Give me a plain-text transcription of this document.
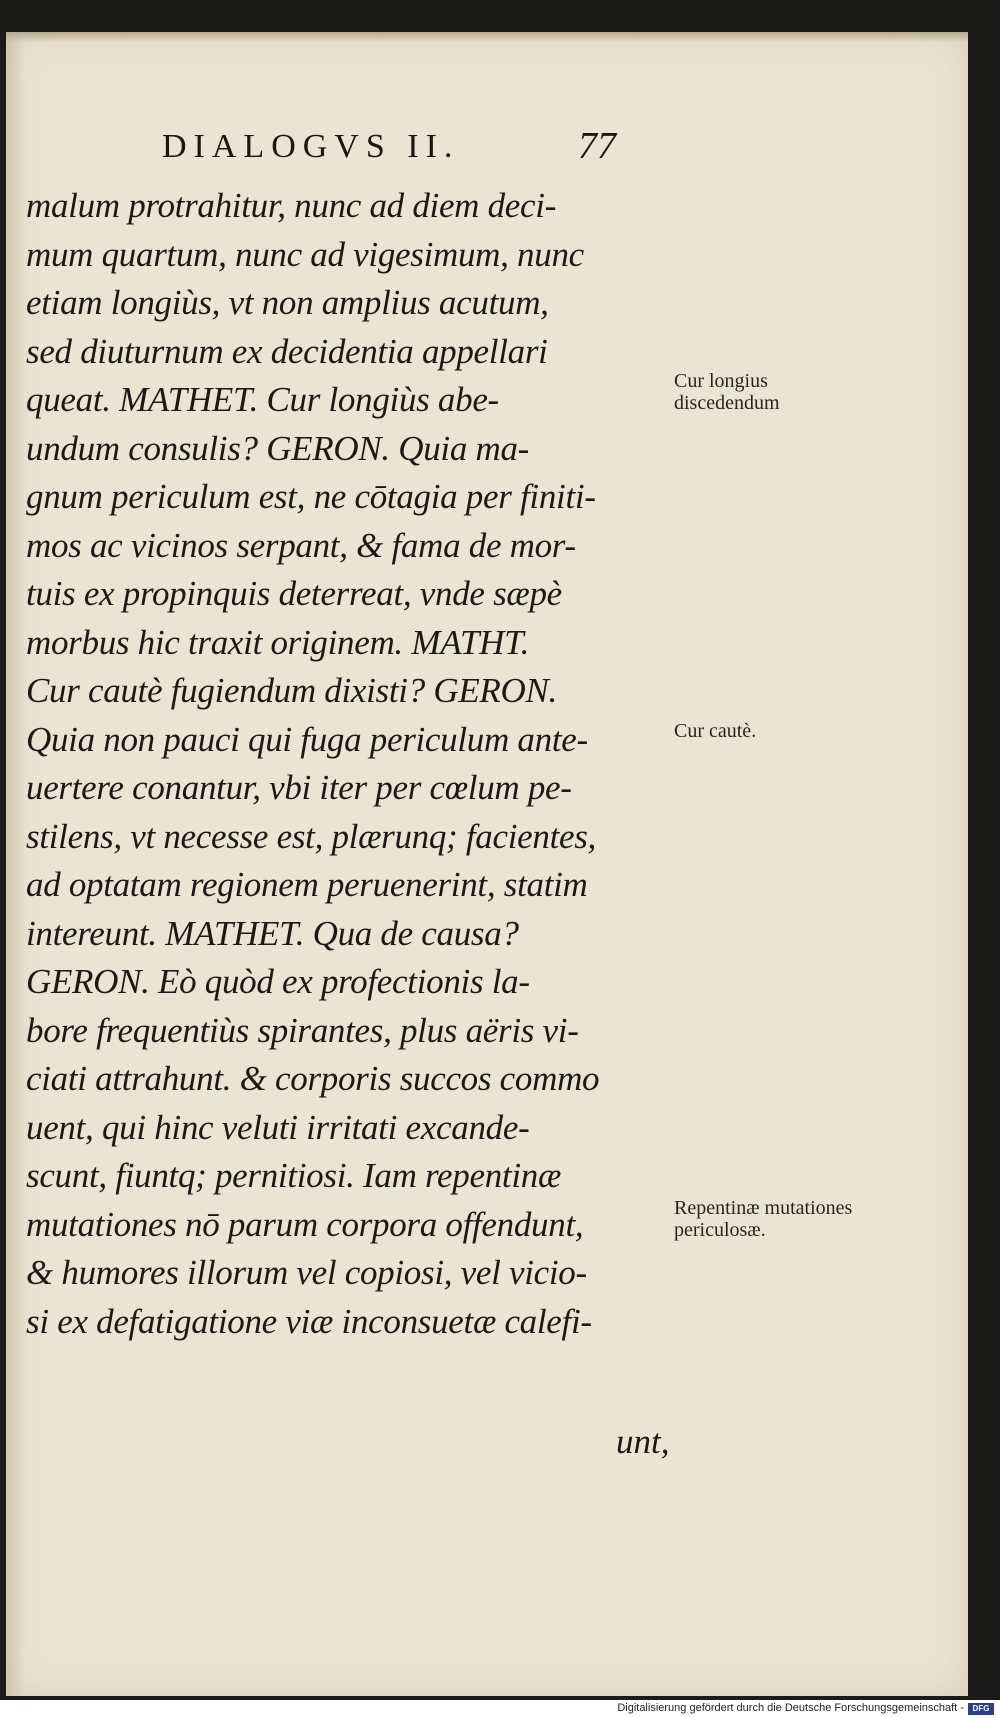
DIALOGVS II.	77
malum protrahitur, nunc ad diem deci-
mum quartum, nunc ad vigesimum, nunc
etiam longiùs, vt non amplius acutum,
sed diuturnum ex decidentia appellari
queat. MATHET. Cur longiùs abe-
undum consulis? GERON. Quia ma-
gnum periculum est, ne cōtagia per finiti-
mos ac vicinos serpant, & fama de mor-
tuis ex propinquis deterreat, vnde sæpè
morbus hic traxit originem. MATHT.
Cur cautè fugiendum dixisti? GERON.
Quia non pauci qui fuga periculum ante-
uertere conantur, vbi iter per cœlum pe-
stilens, vt necesse est, plærunq; facientes,
ad optatam regionem peruenerint, statim
intereunt. MATHET. Qua de causa?
GERON. Eò quòd ex profectionis la-
bore frequentiùs spirantes, plus aëris vi-
ciati attrahunt. & corporis succos commo
uent, qui hinc veluti irritati excande-
scunt, fiuntq; pernitiosi. Iam repentinæ
mutationes nō parum corpora offendunt,
& humores illorum vel copiosi, vel vicio-
si ex defatigatione viæ inconsuetæ calefi-
unt,
Cur longius discedendum
Cur cautè.
Repentinæ mutationes periculosæ.
Digitalisierung gefördert durch die Deutsche Forschungsgemeinschaft -	DFG
